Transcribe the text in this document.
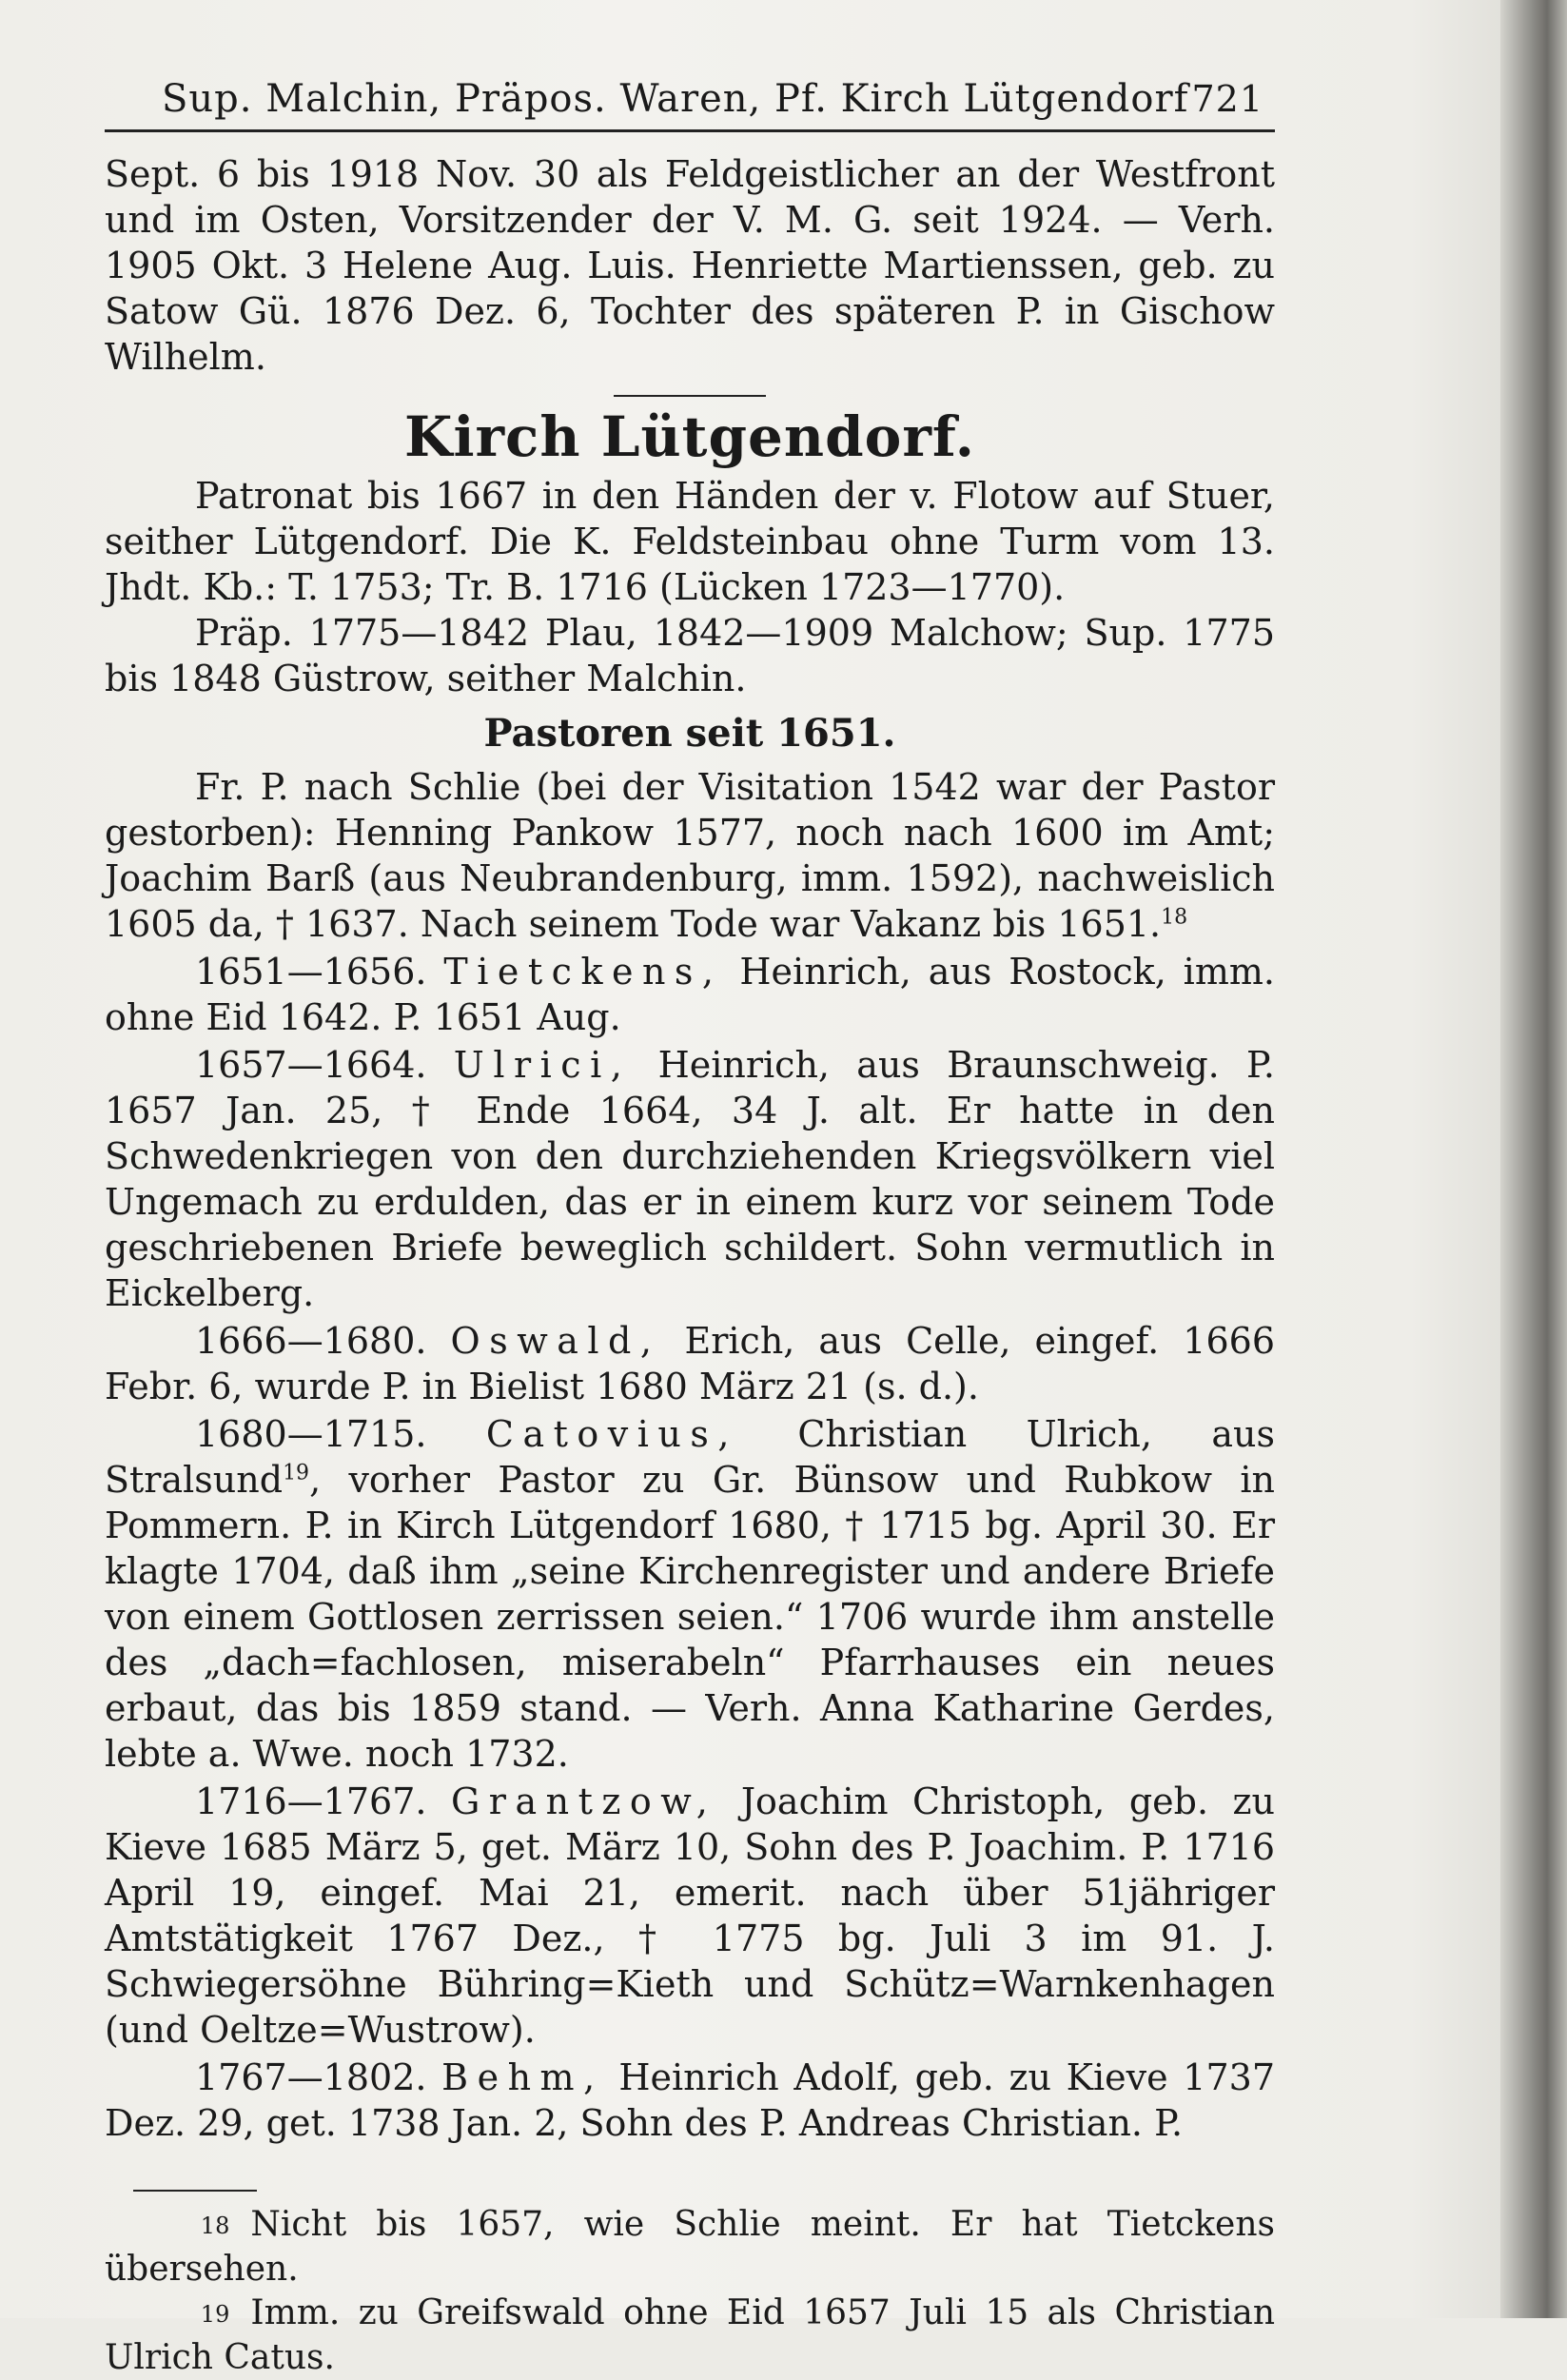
Sup. Malchin, Präpos. Waren, Pf. Kirch Lütgendorf 721

Sept. 6 bis 1918 Nov. 30 als Feldgeistlicher an der Westfront und im Osten, Vorsitzender der V. M. G. seit 1924. — Verh. 1905 Okt. 3 Helene Aug. Luis. Henriette Martienssen, geb. zu Satow Gü. 1876 Dez. 6, Tochter des späteren P. in Gischow Wilhelm.

Kirch Lütgendorf.

Patronat bis 1667 in den Händen der v. Flotow auf Stuer, seither Lütgendorf. Die K. Feldsteinbau ohne Turm vom 13. Jhdt. Kb.: T. 1753; Tr. B. 1716 (Lücken 1723—1770).

Präp. 1775—1842 Plau, 1842—1909 Malchow; Sup. 1775 bis 1848 Güstrow, seither Malchin.

Pastoren seit 1651.

Fr. P. nach Schlie (bei der Visitation 1542 war der Pastor gestorben): Henning Pankow 1577, noch nach 1600 im Amt; Joachim Barß (aus Neubrandenburg, imm. 1592), nachweislich 1605 da, † 1637. Nach seinem Tode war Vakanz bis 1651.18

1651—1656. Tietckens, Heinrich, aus Rostock, imm. ohne Eid 1642. P. 1651 Aug.

1657—1664. Ulrici, Heinrich, aus Braunschweig. P. 1657 Jan. 25, † Ende 1664, 34 J. alt. Er hatte in den Schwedenkriegen von den durchziehenden Kriegsvölkern viel Ungemach zu erdulden, das er in einem kurz vor seinem Tode geschriebenen Briefe beweglich schildert. Sohn vermutlich in Eickelberg.

1666—1680. Oswald, Erich, aus Celle, eingef. 1666 Febr. 6, wurde P. in Bielist 1680 März 21 (s. d.).

1680—1715. Catovius, Christian Ulrich, aus Stralsund$^{19}$, vorher Pastor zu Gr. Bünsow und Rubkow in Pommern. P. in Kirch Lütgendorf 1680, † 1715 bg. April 30. Er klagte 1704, daß ihm „seine Kirchenregister und andere Briefe von einem Gottlosen zerrissen seien.“ 1706 wurde ihm anstelle des „dach=fachlosen, miserabeln“ Pfarrhauses ein neues erbaut, das bis 1859 stand. — Verh. Anna Katharine Gerdes, lebte a. Wwe. noch 1732.

1716—1767. Grantzow, Joachim Christoph, geb. zu Kieve 1685 März 5, get. März 10, Sohn des P. Joachim. P. 1716 April 19, eingef. Mai 21, emerit. nach über 51jähriger Amtstätigkeit 1767 Dez., † 1775 bg. Juli 3 im 91. J. Schwiegersöhne Bühring=Kieth und Schütz=Warnkenhagen (und Oeltze=Wustrow).

1767—1802. Behm, Heinrich Adolf, geb. zu Kieve 1737 Dez. 29, get. 1738 Jan. 2, Sohn des P. Andreas Christian. P.

18 Nicht bis 1657, wie Schlie meint. Er hat Tietckens übersehen.

19 Imm. zu Greifswald ohne Eid 1657 Juli 15 als Christian Ulrich Catus.
